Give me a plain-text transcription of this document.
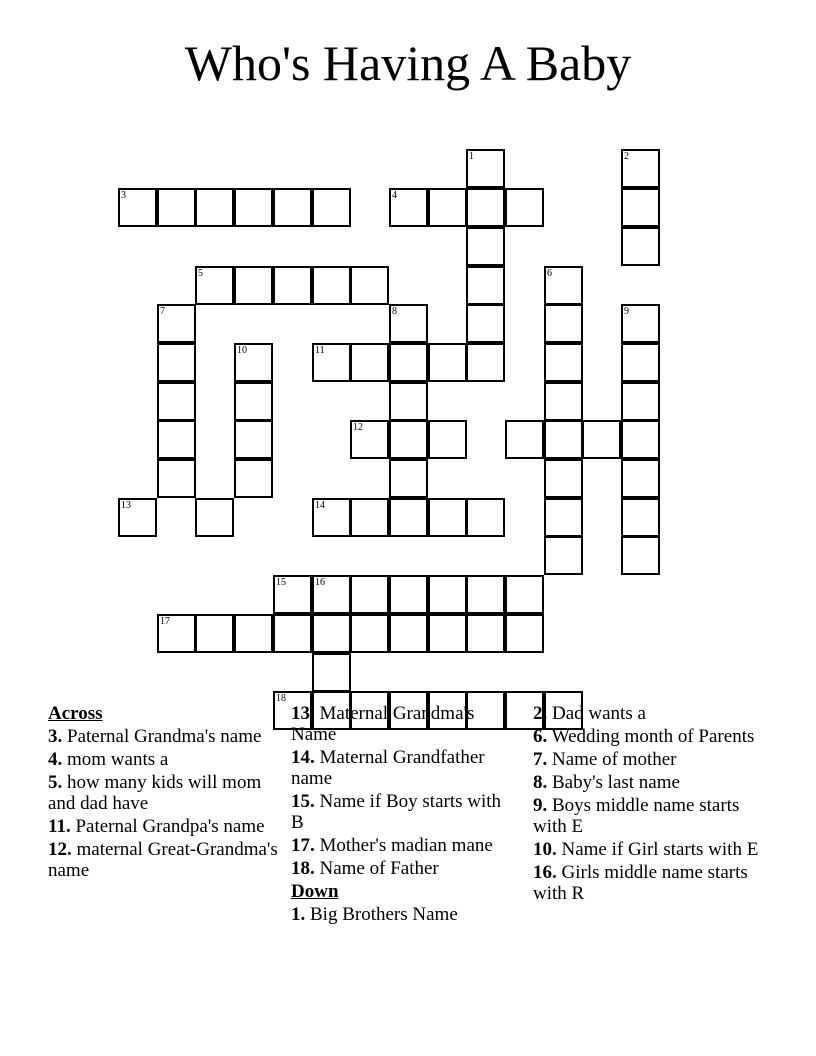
Who's Having A Baby
3	4
1	2
5	6
9
7
13
10
8
11
12
14
15	16
17
18
Across
3. Paternal Grandma's name
4. mom wants a
5. how many kids will mom and dad have
11. Paternal Grandpa's name
12. maternal Great-Grandma's name
13. Maternal Grandma's Name
14. Maternal Grandfather name
15. Name if Boy starts with B
17. Mother's madian mane
18. Name of Father
Down
1. Big Brothers Name
2. Dad wants a
6. Wedding month of Parents
7. Name of mother
8. Baby's last name
9. Boys middle name starts with E
10. Name if Girl starts with E
16. Girls middle name starts with R
